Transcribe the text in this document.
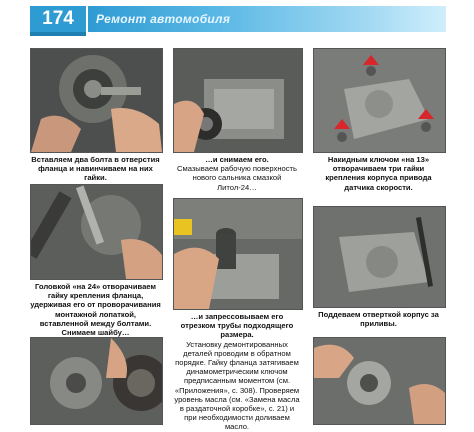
174	Ремонт автомобиля
Вставляем два болта в отверстия фланца и навинчиваем на них гайки.
…и снимаем его.
Смазываем рабочую поверхность нового сальника смазкой Литол-24…
Накидным ключом «на 13» отворачиваем три гайки крепления корпуса привода датчика скорости.
Головкой «на 24» отворачиваем гайку крепления фланца, удерживая его от проворачивания монтажной лопаткой, вставленной между болтами. Снимаем шайбу…
…и запрессовываем его отрезком трубы подходящего размера.
Установку демонтированных деталей проводим в обратном порядке. Гайку фланца затягиваем динамометрическим ключом предписанным моментом (см. «Приложения», с. 308). Проверяем уровень масла (см. «Замена масла в раздаточной коробке», с. 21) и при необходимости доливаем масло.
Поддеваем отверткой корпус за приливы.
